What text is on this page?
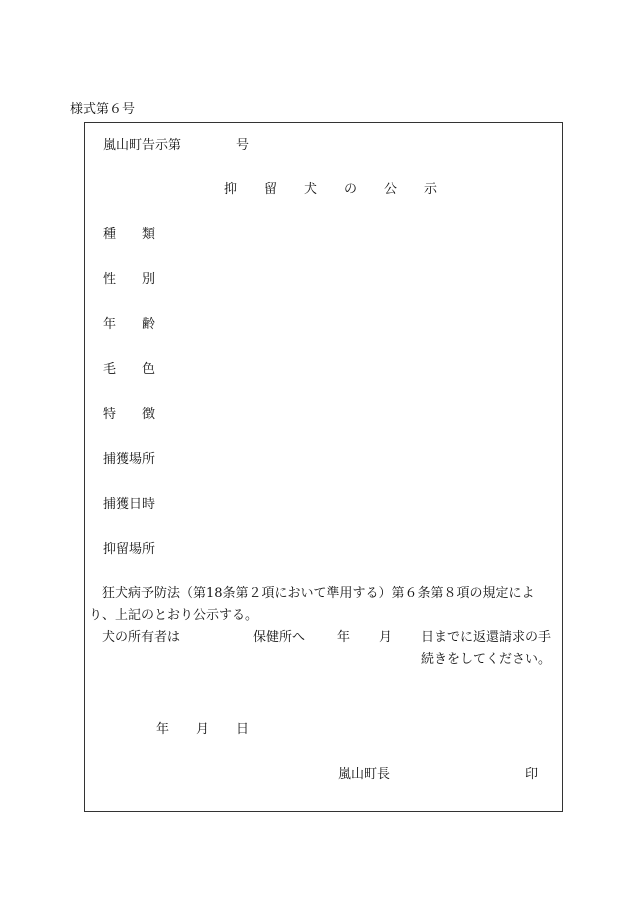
様式第６号
嵐山町告示第	号
抑 留 犬 の 公 示
種 類
性 別
年 齢
毛 色
特 徴
捕獲場所
捕獲日時
抑留場所
狂犬病予防法（第18条第２項において準用する）第６条第８項の規定により、上記のとおり公示する。
犬の所有者は	保健所へ 年 月 日までに返還請求の手続きをしてください。
年 月 日
嵐山町長	印
